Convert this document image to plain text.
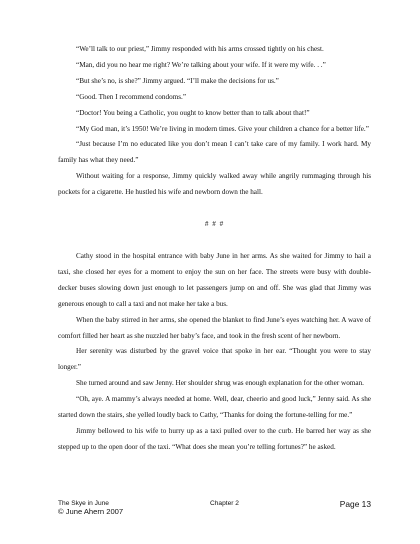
“We’ll talk to our priest,” Jimmy responded with his arms crossed tightly on his chest.

“Man, did you no hear me right? We’re talking about your wife. If it were my wife. . .”

“But she’s no, is she?” Jimmy argued. “I’ll make the decisions for us.”

“Good. Then I recommend condoms.”

“Doctor! You being a Catholic, you ought to know better than to talk about that!”

“My God man, it’s 1950! We’re living in modern times. Give your children a chance for a better life.”

“Just because I’m no educated like you don’t mean I can’t take care of my family. I work hard. My family has what they need.”

Without waiting for a response, Jimmy quickly walked away while angrily rummaging through his pockets for a cigarette. He hustled his wife and newborn down the hall.

# # #

Cathy stood in the hospital entrance with baby June in her arms. As she waited for Jimmy to hail a taxi, she closed her eyes for a moment to enjoy the sun on her face. The streets were busy with double-decker buses slowing down just enough to let passengers jump on and off. She was glad that Jimmy was generous enough to call a taxi and not make her take a bus.

When the baby stirred in her arms, she opened the blanket to find June’s eyes watching her. A wave of comfort filled her heart as she nuzzled her baby’s face, and took in the fresh scent of her newborn.

Her serenity was disturbed by the gravel voice that spoke in her ear. “Thought you were to stay longer.”

She turned around and saw Jenny. Her shoulder shrug was enough explanation for the other woman.

“Oh, aye. A mammy’s always needed at home. Well, dear, cheerio and good luck,” Jenny said. As she started down the stairs, she yelled loudly back to Cathy, “Thanks for doing the fortune-telling for me.”

Jimmy bellowed to his wife to hurry up as a taxi pulled over to the curb. He barred her way as she stepped up to the open door of the taxi. “What does she mean you’re telling fortunes?” he asked.

The Skye in June	Chapter 2	Page 13
© June Ahern 2007
